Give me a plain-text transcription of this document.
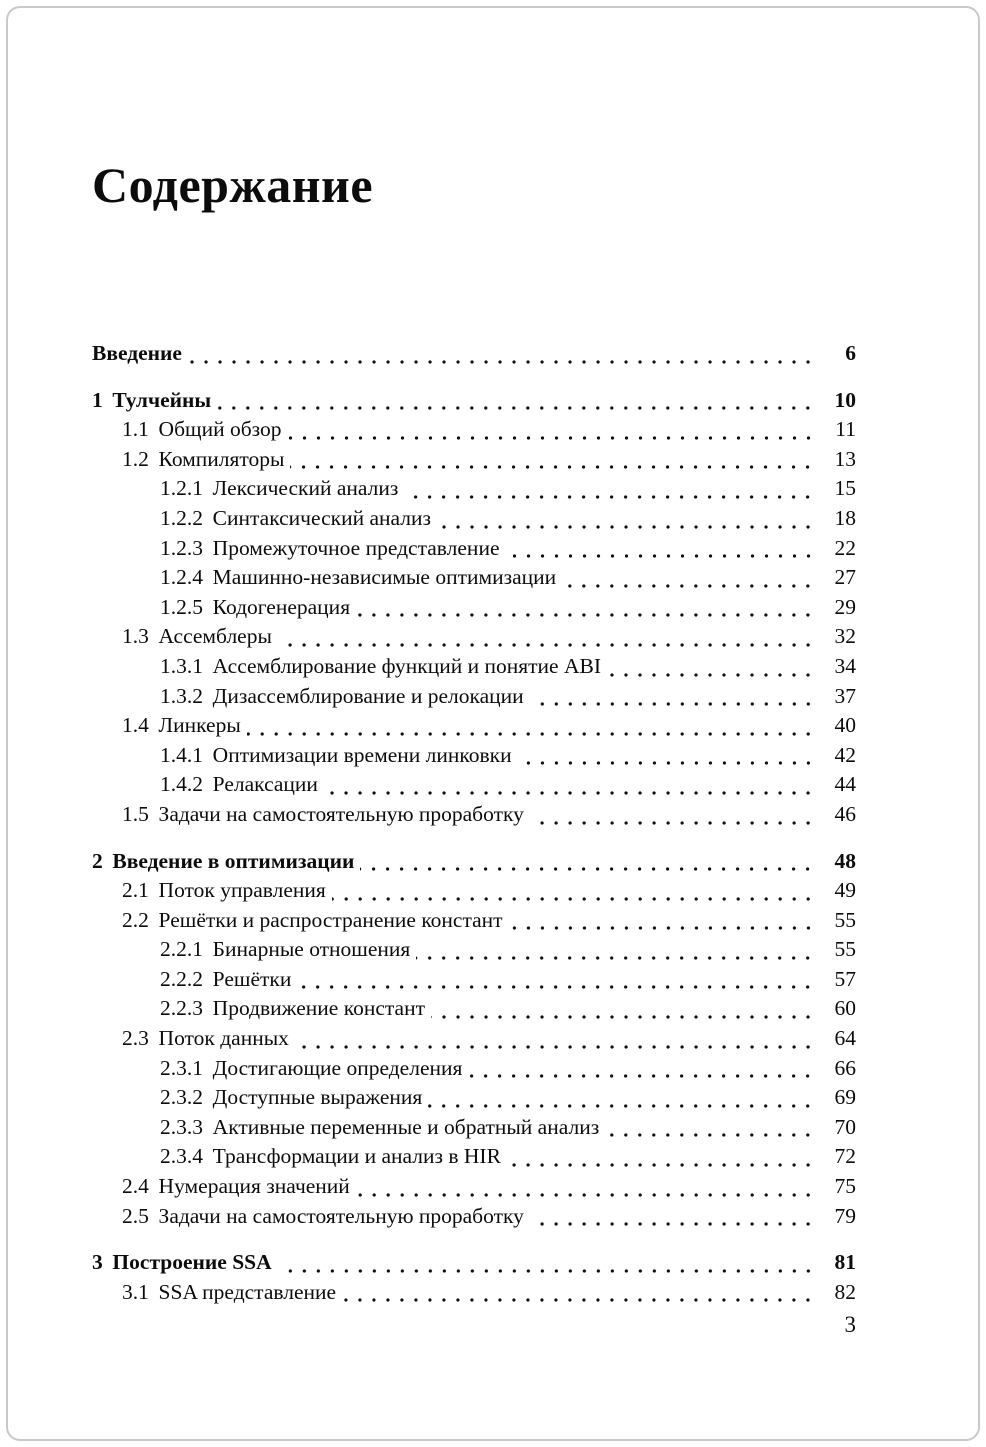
Содержание
Введение	6
1 Тулчейны	10
1.1 Общий обзор	11
1.2 Компиляторы	13
1.2.1 Лексический анализ	15
1.2.2 Синтаксический анализ	18
1.2.3 Промежуточное представление	22
1.2.4 Машинно-независимые оптимизации	27
1.2.5 Кодогенерация	29
1.3 Ассемблеры	32
1.3.1 Ассемблирование функций и понятие ABI	34
1.3.2 Дизассемблирование и релокации	37
1.4 Линкеры	40
1.4.1 Оптимизации времени линковки	42
1.4.2 Релаксации	44
1.5 Задачи на самостоятельную проработку	46
2 Введение в оптимизации	48
2.1 Поток управления	49
2.2 Решётки и распространение констант	55
2.2.1 Бинарные отношения	55
2.2.2 Решётки	57
2.2.3 Продвижение констант	60
2.3 Поток данных	64
2.3.1 Достигающие определения	66
2.3.2 Доступные выражения	69
2.3.3 Активные переменные и обратный анализ	70
2.3.4 Трансформации и анализ в HIR	72
2.4 Нумерация значений	75
2.5 Задачи на самостоятельную проработку	79
3 Построение SSA	81
3.1 SSA представление	82
3
